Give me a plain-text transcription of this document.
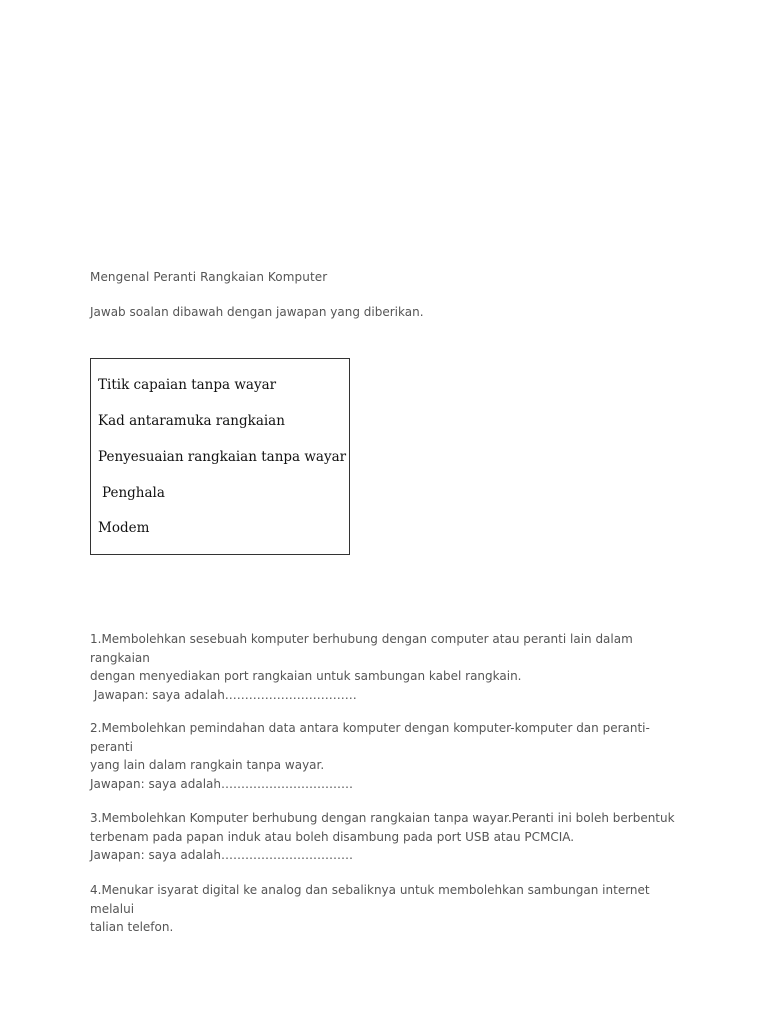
Mengenal Peranti Rangkaian Komputer
Jawab soalan dibawah dengan jawapan yang diberikan.
Titik capaian tanpa wayar
Kad antaramuka rangkaian
Penyesuaian rangkaian tanpa wayar
Penghala
Modem

1.Membolehkan sesebuah komputer berhubung dengan computer atau peranti lain dalam rangkaian

dengan menyediakan port rangkaian untuk sambungan kabel rangkain.

Jawapan: saya adalah……………………………

2.Membolehkan pemindahan data antara komputer dengan komputer-komputer dan peranti-peranti

yang lain dalam rangkain tanpa wayar.

Jawapan: saya adalah……………………………

3.Membolehkan Komputer berhubung dengan rangkaian tanpa wayar.Peranti ini boleh berbentuk

terbenam pada papan induk atau boleh disambung pada port USB atau PCMCIA.

Jawapan: saya adalah……………………………

4.Menukar isyarat digital ke analog dan sebaliknya untuk membolehkan sambungan internet melalui

talian telefon.
